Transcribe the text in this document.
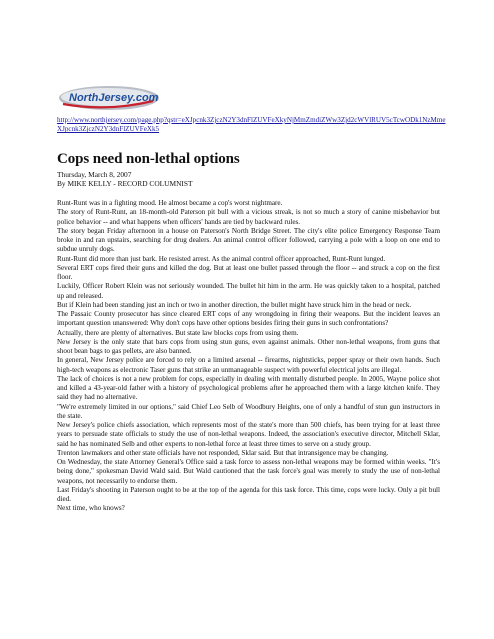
NorthJersey.com
http://www.northjersey.com/page.php?qstr=eXJpcnk3ZjczN2Y3dnFlZUVFeXkyNjMmZmdiZWw3Zjd2cWVlRUV5cTcwODk1NzMmeXJpcnk3ZjczN2Y3dnFlZUVFeXk5
Cops need non-lethal options
Thursday, March 8, 2007
By MIKE KELLY - RECORD COLUMNIST

Runt-Runt was in a fighting mood. He almost became a cop's worst nightmare.

The story of Runt-Runt, an 18-month-old Paterson pit bull with a vicious streak, is not so much a story of canine misbehavior but police behavior -- and what happens when officers' hands are tied by backward rules.

The story began Friday afternoon in a house on Paterson's North Bridge Street. The city's elite police Emergency Response Team broke in and ran upstairs, searching for drug dealers. An animal control officer followed, carrying a pole with a loop on one end to subdue unruly dogs.

Runt-Runt did more than just bark. He resisted arrest. As the animal control officer approached, Runt-Runt lunged.

Several ERT cops fired their guns and killed the dog. But at least one bullet passed through the floor -- and struck a cop on the first floor.

Luckily, Officer Robert Klein was not seriously wounded. The bullet hit him in the arm. He was quickly taken to a hospital, patched up and released.

But if Klein had been standing just an inch or two in another direction, the bullet might have struck him in the head or neck.

The Passaic County prosecutor has since cleared ERT cops of any wrongdoing in firing their weapons. But the incident leaves an important question unanswered: Why don't cops have other options besides firing their guns in such confrontations?

Actually, there are plenty of alternatives. But state law blocks cops from using them.

New Jersey is the only state that bars cops from using stun guns, even against animals. Other non-lethal weapons, from guns that shoot bean bags to gas pellets, are also banned.

In general, New Jersey police are forced to rely on a limited arsenal -- firearms, nightsticks, pepper spray or their own hands. Such high-tech weapons as electronic Taser guns that strike an unmanageable suspect with powerful electrical jolts are illegal.

The lack of choices is not a new problem for cops, especially in dealing with mentally disturbed people. In 2005, Wayne police shot and killed a 43-year-old father with a history of psychological problems after he approached them with a large kitchen knife. They said they had no alternative.

"We're extremely limited in our options," said Chief Leo Selb of Woodbury Heights, one of only a handful of stun gun instructors in the state.

New Jersey's police chiefs association, which represents most of the state's more than 500 chiefs, has been trying for at least three years to persuade state officials to study the use of non-lethal weapons. Indeed, the association's executive director, Mitchell Sklar, said he has nominated Selb and other experts to non-lethal force at least three times to serve on a study group.

Trenton lawmakers and other state officials have not responded, Sklar said. But that intransigence may be changing.

On Wednesday, the state Attorney General's Office said a task force to assess non-lethal weapons may be formed within weeks. "It's being done," spokesman David Wald said. But Wald cautioned that the task force's goal was merely to study the use of non-lethal weapons, not necessarily to endorse them.

Last Friday's shooting in Paterson ought to be at the top of the agenda for this task force. This time, cops were lucky. Only a pit bull died.

Next time, who knows?
